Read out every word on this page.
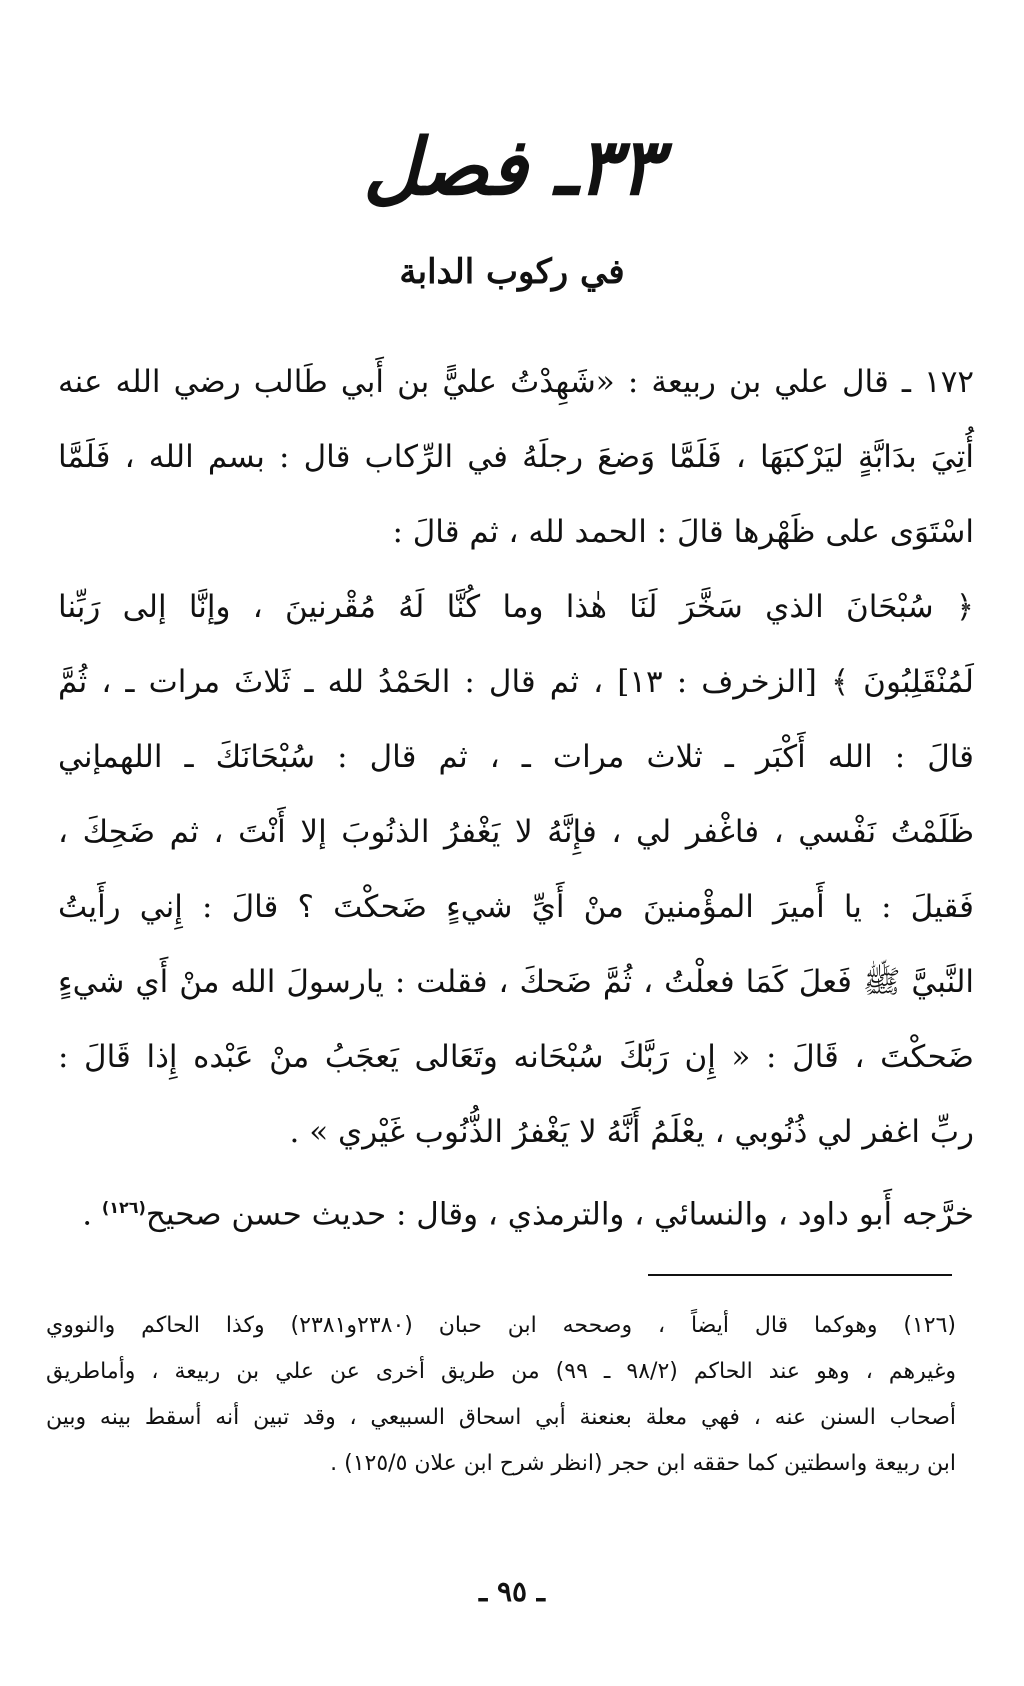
٣٣ـ فصل
في ركوب الدابة
١٧٢ ـ قال علي بن ربيعة : «شَهِدْتُ عليًّ بن أَبي طَالب رضي الله عنه
أُتِيَ بدَابَّةٍ ليَرْكبَهَا ، فَلَمَّا وَضعَ رجلَهُ في الرِّكاب قال : بسم الله ، فَلَمَّا
اسْتَوَى على ظَهْرها قالَ : الحمد لله ، ثم قالَ :
﴿ سُبْحَانَ الذي سَخَّرَ لَنَا هٰذا وما كُنَّا لَهُ مُقْرنينَ ، وإنَّا إلى رَبِّنا
لَمُنْقَلِبُونَ ﴾ [الزخرف : ١٣] ، ثم قال : الحَمْدُ لله ـ ثَلاثَ مرات ـ ، ثُمَّ
قالَ : الله أَكْبَر ـ ثلاث مرات ـ ، ثم قال : سُبْحَانَكَ ـ اللهمإني
ظَلَمْتُ نَفْسي ، فاغْفر لي ، فإِنَّهُ لا يَغْفرُ الذنُوبَ إلا أَنْتَ ، ثم ضَحِكَ ،
فَقيلَ : يا أَميرَ المؤْمنينَ منْ أَيِّ شيءٍ ضَحكْتَ ؟ قالَ : إِني رأَيتُ
النَّبيَّ ﷺ فَعلَ كَمَا فعلْتُ ، ثُمَّ ضَحكَ ، فقلت : يارسولَ الله منْ أَي شيءٍ
ضَحكْتَ ، قَالَ : « إِن رَبَّكَ سُبْحَانه وتَعَالى يَعجَبُ منْ عَبْده إِذا قَالَ :
ربِّ اغفر لي ذُنُوبي ، يعْلَمُ أَنَّهُ لا يَغْفرُ الذُّنُوب غَيْري » .
خرَّجه أَبو داود ، والنسائي ، والترمذي ، وقال : حديث حسن صحيح$^{(١٢٦)}$ .
(١٢٦) وهوكما قال أيضاً ، وصححه ابن حبان (٢٣٨٠و٢٣٨١) وكذا الحاكم والنووي
وغيرهم ، وهو عند الحاكم (٩٨/٢ ـ ٩٩) من طريق أخرى عن علي بن ربيعة ، وأماطريق
أصحاب السنن عنه ، فهي معلة بعنعنة أبي اسحاق السبيعي ، وقد تبين أنه أسقط بينه وبين
ابن ربيعة واسطتين كما حققه ابن حجر (انظر شرح ابن علان ١٢٥/٥) .
ـ ٩٥ ـ
